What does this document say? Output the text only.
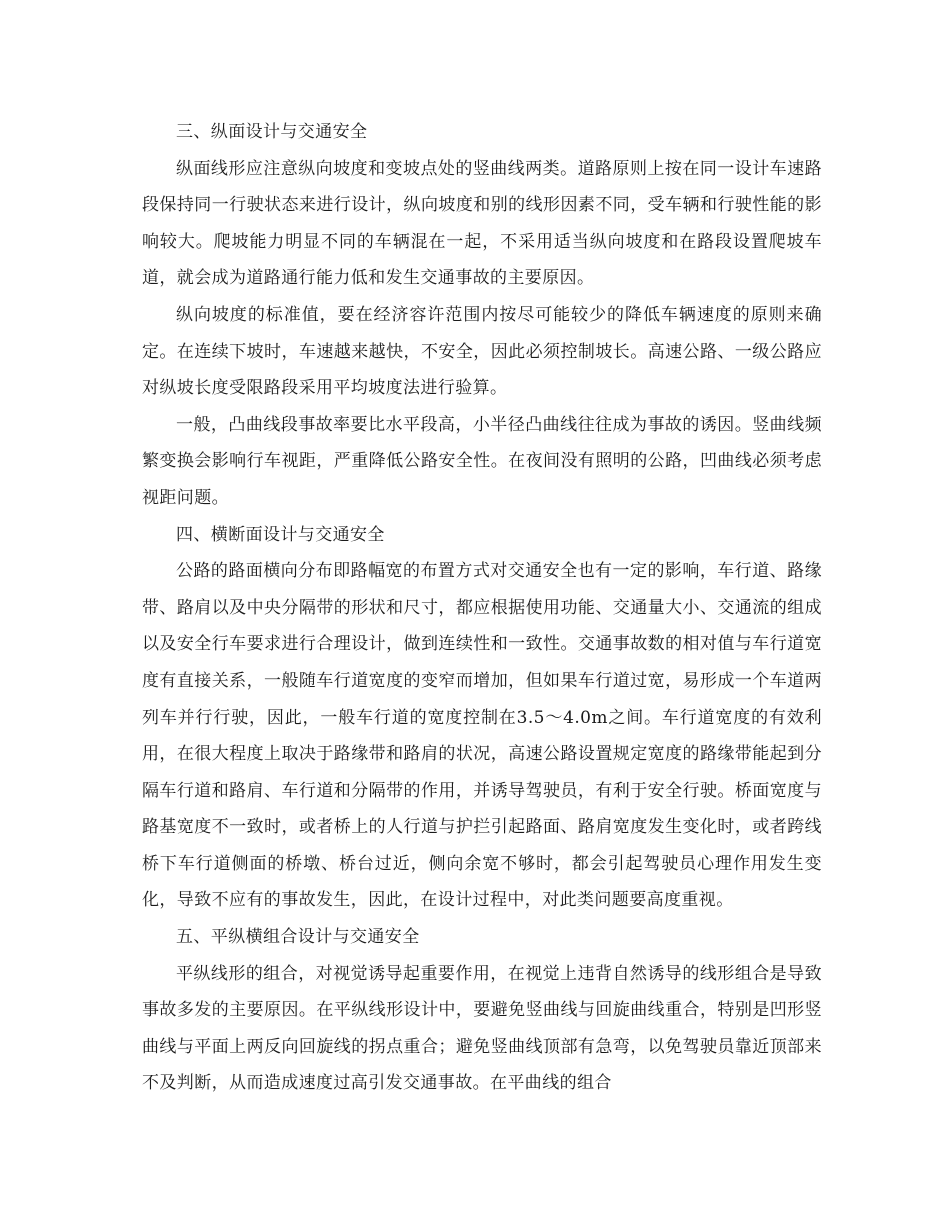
三、纵面设计与交通安全

纵面线形应注意纵向坡度和变坡点处的竖曲线两类。道路原则上按在同一设计车速路段保持同一行驶状态来进行设计，纵向坡度和别的线形因素不同，受车辆和行驶性能的影响较大。爬坡能力明显不同的车辆混在一起，不采用适当纵向坡度和在路段设置爬坡车道，就会成为道路通行能力低和发生交通事故的主要原因。

纵向坡度的标准值，要在经济容许范围内按尽可能较少的降低车辆速度的原则来确定。在连续下坡时，车速越来越快，不安全，因此必须控制坡长。高速公路、一级公路应对纵坡长度受限路段采用平均坡度法进行验算。

一般，凸曲线段事故率要比水平段高，小半径凸曲线往往成为事故的诱因。竖曲线频繁变换会影响行车视距，严重降低公路安全性。在夜间没有照明的公路，凹曲线必须考虑视距问题。

四、横断面设计与交通安全

公路的路面横向分布即路幅宽的布置方式对交通安全也有一定的影响，车行道、路缘带、路肩以及中央分隔带的形状和尺寸，都应根据使用功能、交通量大小、交通流的组成以及安全行车要求进行合理设计，做到连续性和一致性。交通事故数的相对值与车行道宽度有直接关系，一般随车行道宽度的变窄而增加，但如果车行道过宽，易形成一个车道两列车并行行驶，因此，一般车行道的宽度控制在3.5～4.0m之间。车行道宽度的有效利用，在很大程度上取决于路缘带和路肩的状况，高速公路设置规定宽度的路缘带能起到分隔车行道和路肩、车行道和分隔带的作用，并诱导驾驶员，有利于安全行驶。桥面宽度与路基宽度不一致时，或者桥上的人行道与护拦引起路面、路肩宽度发生变化时，或者跨线桥下车行道侧面的桥墩、桥台过近，侧向余宽不够时，都会引起驾驶员心理作用发生变化，导致不应有的事故发生，因此，在设计过程中，对此类问题要高度重视。

五、平纵横组合设计与交通安全

平纵线形的组合，对视觉诱导起重要作用，在视觉上违背自然诱导的线形组合是导致事故多发的主要原因。在平纵线形设计中，要避免竖曲线与回旋曲线重合，特别是凹形竖曲线与平面上两反向回旋线的拐点重合；避免竖曲线顶部有急弯，以免驾驶员靠近顶部来不及判断，从而造成速度过高引发交通事故。在平曲线的组合
